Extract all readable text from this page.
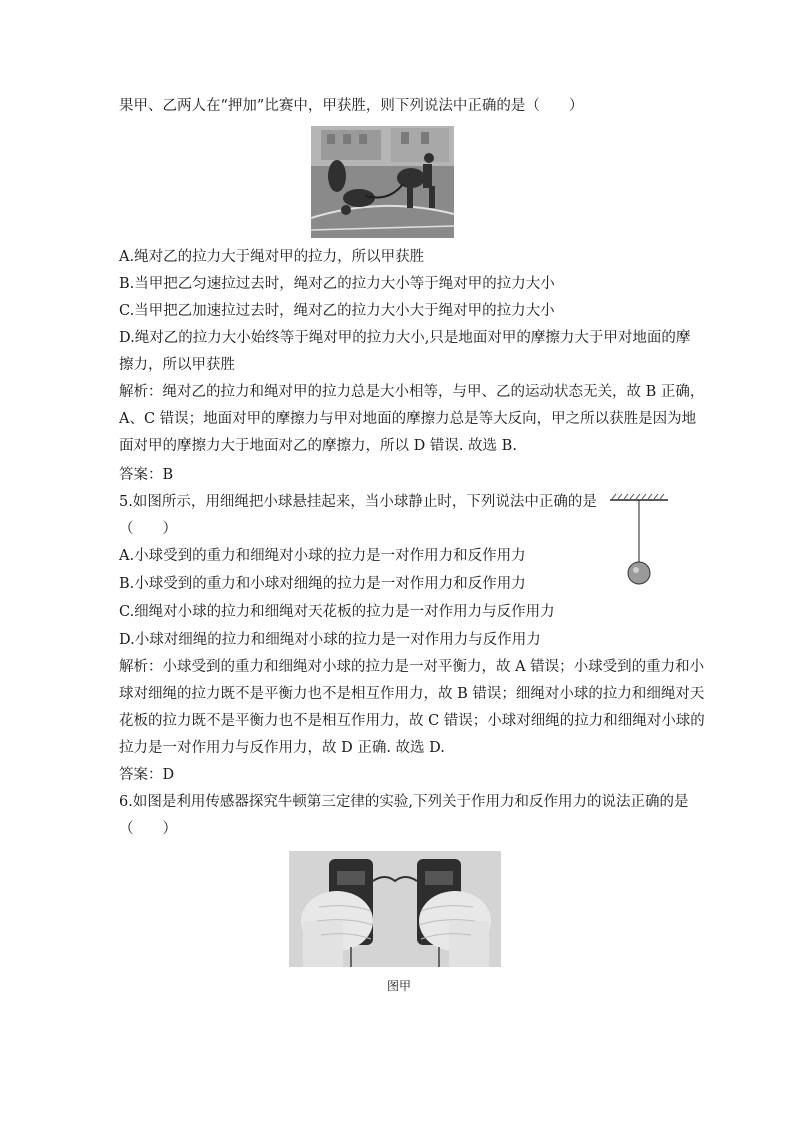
果甲、乙两人在“押加”比赛中，甲获胜，则下列说法中正确的是（　　）
A.绳对乙的拉力大于绳对甲的拉力，所以甲获胜
B.当甲把乙匀速拉过去时，绳对乙的拉力大小等于绳对甲的拉力大小
C.当甲把乙加速拉过去时，绳对乙的拉力大小大于绳对甲的拉力大小
D.绳对乙的拉力大小始终等于绳对甲的拉力大小,只是地面对甲的摩擦力大于甲对地面的摩
擦力，所以甲获胜
解析：绳对乙的拉力和绳对甲的拉力总是大小相等，与甲、乙的运动状态无关，故 B 正确，
A、C 错误；地面对甲的摩擦力与甲对地面的摩擦力总是等大反向，甲之所以获胜是因为地
面对甲的摩擦力大于地面对乙的摩擦力，所以 D 错误. 故选 B.
答案：B
5.如图所示，用细绳把小球悬挂起来，当小球静止时，下列说法中正确的是
（　　）
A.小球受到的重力和细绳对小球的拉力是一对作用力和反作用力
B.小球受到的重力和小球对细绳的拉力是一对作用力和反作用力
C.细绳对小球的拉力和细绳对天花板的拉力是一对作用力与反作用力
D.小球对细绳的拉力和细绳对小球的拉力是一对作用力与反作用力
解析：小球受到的重力和细绳对小球的拉力是一对平衡力，故 A 错误；小球受到的重力和小
球对细绳的拉力既不是平衡力也不是相互作用力，故 B 错误；细绳对小球的拉力和细绳对天
花板的拉力既不是平衡力也不是相互作用力，故 C 错误；小球对细绳的拉力和细绳对小球的
拉力是一对作用力与反作用力，故 D 正确. 故选 D.
答案：D
6.如图是利用传感器探究牛顿第三定律的实验,下列关于作用力和反作用力的说法正确的是
（　　）
图甲
